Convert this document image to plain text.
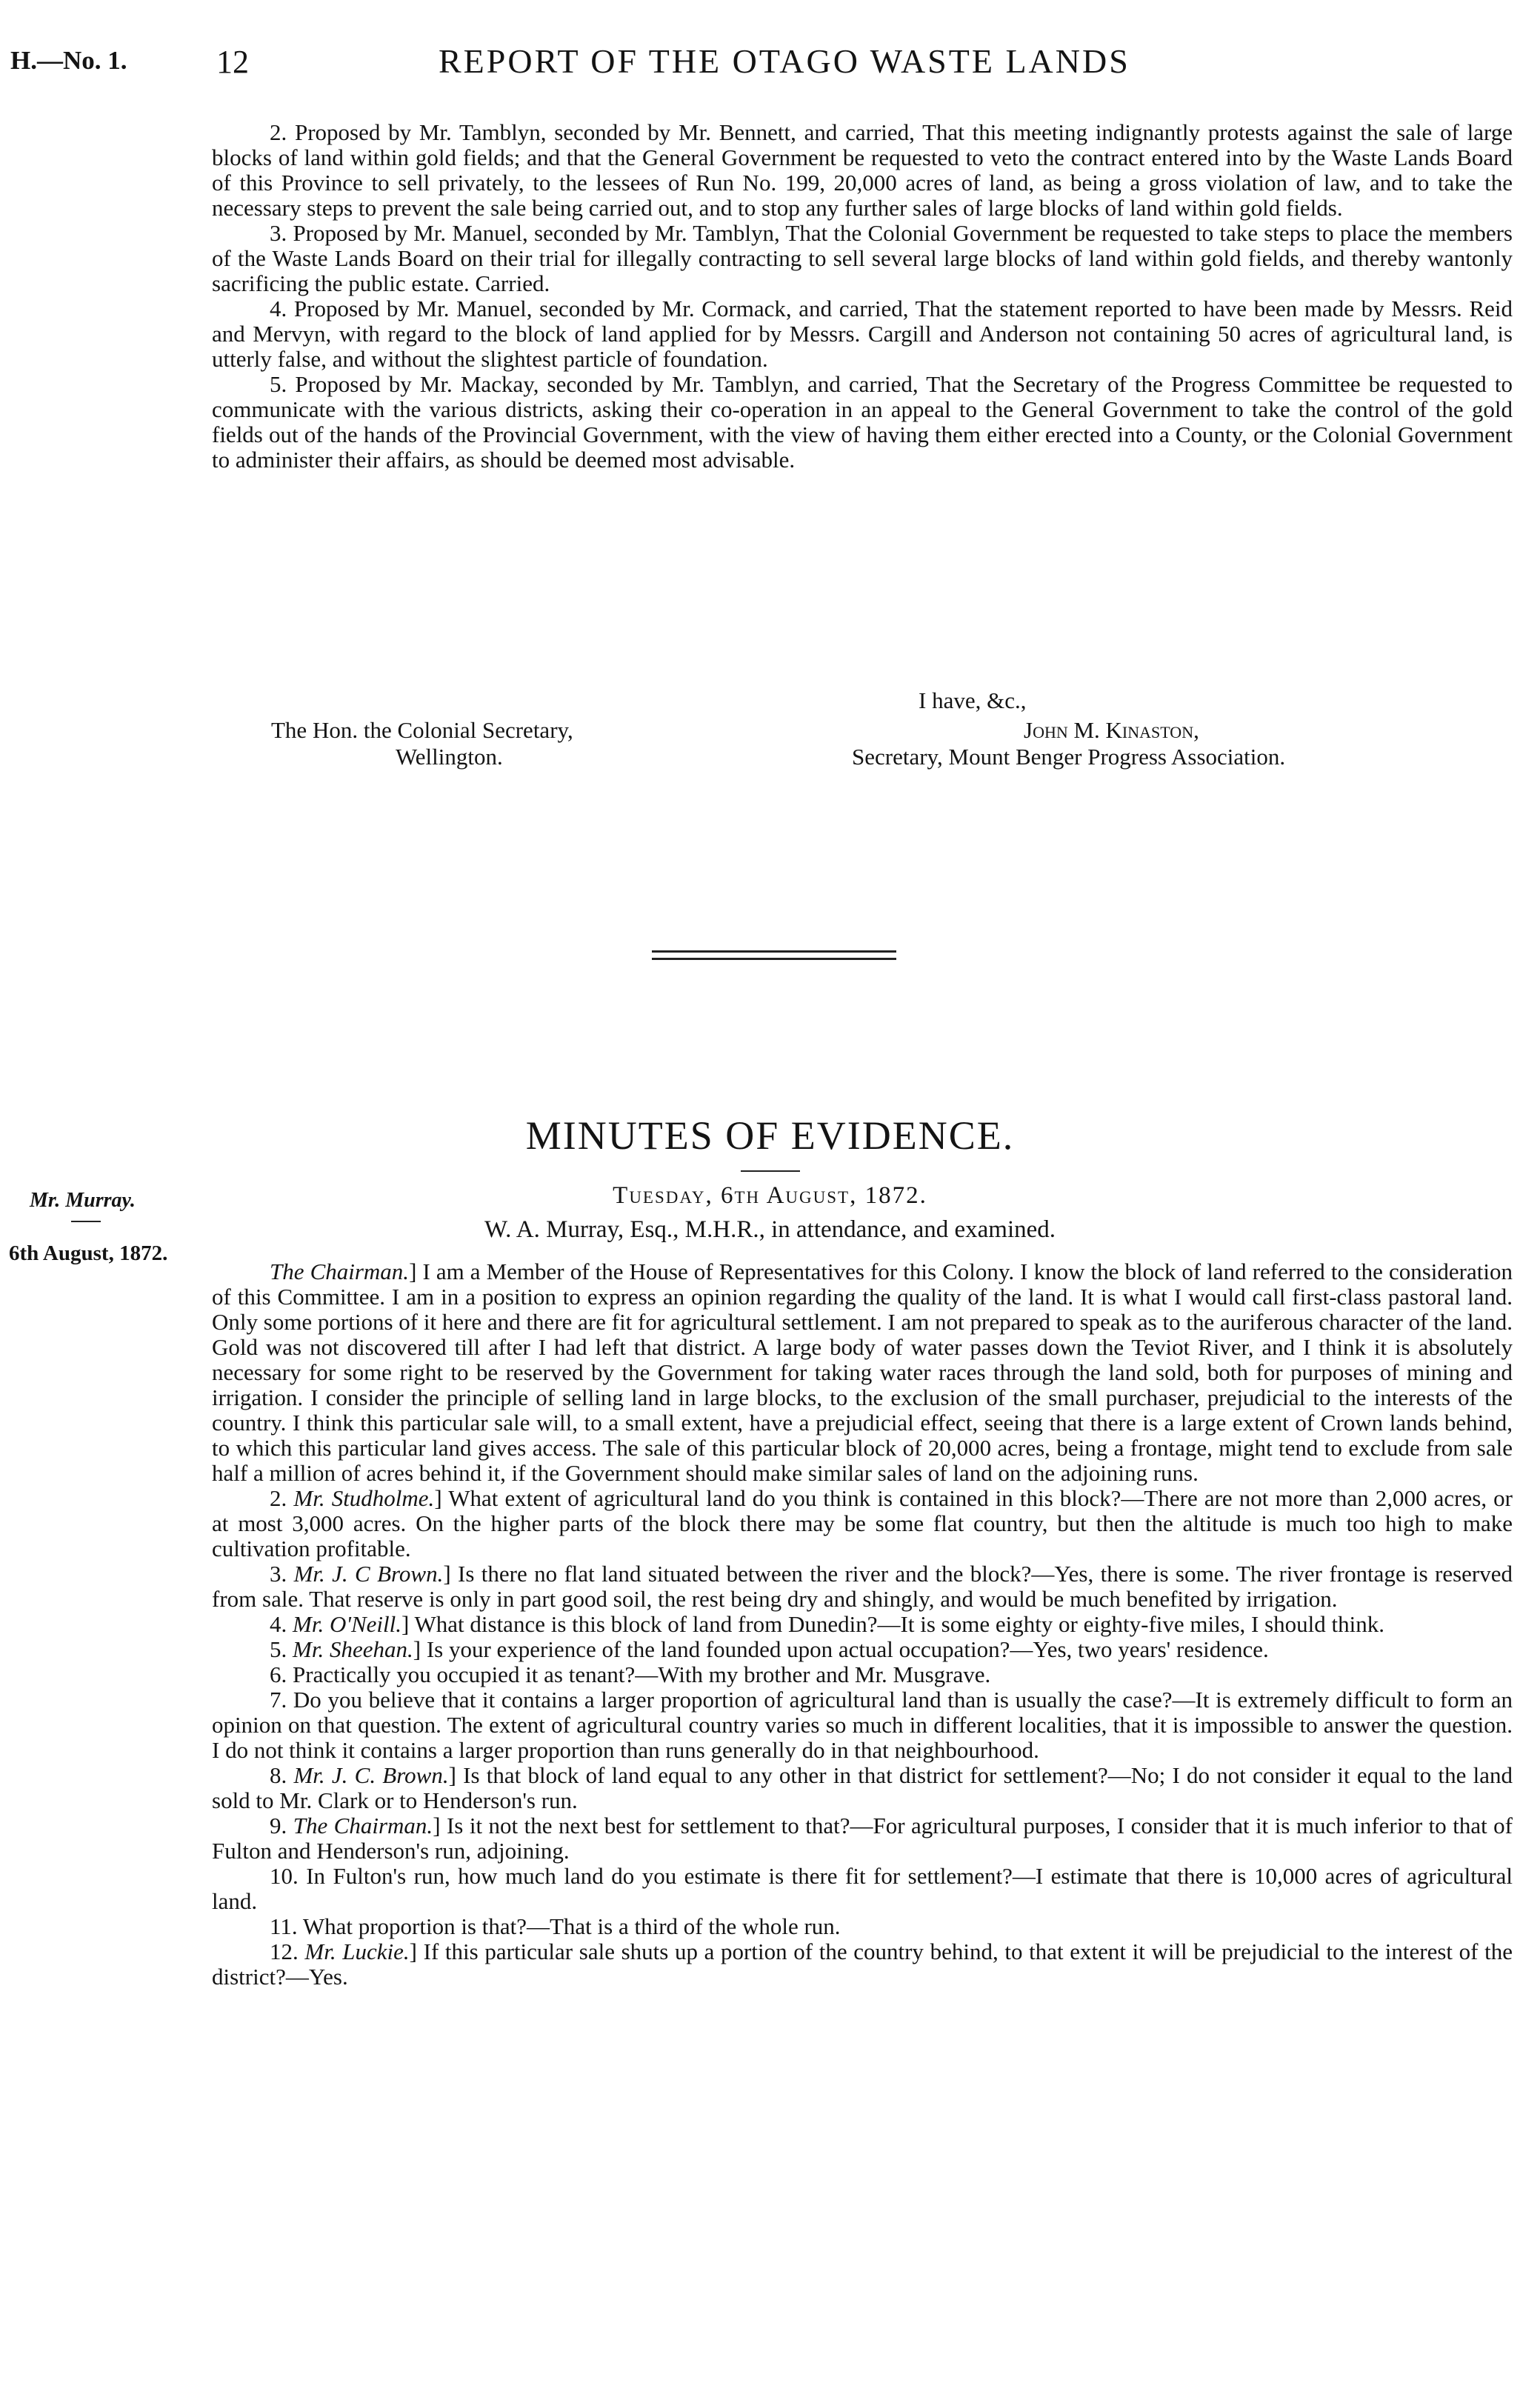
H.—No. 1.	12	REPORT OF THE OTAGO WASTE LANDS

2. Proposed by Mr. Tamblyn, seconded by Mr. Bennett, and carried, That this meeting indignantly protests against the sale of large blocks of land within gold fields; and that the General Government be requested to veto the contract entered into by the Waste Lands Board of this Province to sell privately, to the lessees of Run No. 199, 20,000 acres of land, as being a gross violation of law, and to take the necessary steps to prevent the sale being carried out, and to stop any further sales of large blocks of land within gold fields.

3. Proposed by Mr. Manuel, seconded by Mr. Tamblyn, That the Colonial Government be requested to take steps to place the members of the Waste Lands Board on their trial for illegally contracting to sell several large blocks of land within gold fields, and thereby wantonly sacrificing the public estate. Carried.

4. Proposed by Mr. Manuel, seconded by Mr. Cormack, and carried, That the statement reported to have been made by Messrs. Reid and Mervyn, with regard to the block of land applied for by Messrs. Cargill and Anderson not containing 50 acres of agricultural land, is utterly false, and without the slightest particle of foundation.

5. Proposed by Mr. Mackay, seconded by Mr. Tamblyn, and carried, That the Secretary of the Progress Committee be requested to communicate with the various districts, asking their co-operation in an appeal to the General Government to take the control of the gold fields out of the hands of the Provincial Government, with the view of having them either erected into a County, or the Colonial Government to administer their affairs, as should be deemed most advisable.

I have, &c.,
The Hon. the Colonial Secretary,
Wellington.
John M. Kinaston,
Secretary, Mount Benger Progress Association.
MINUTES OF EVIDENCE.
Tuesday, 6th August, 1872.
W. A. Murray, Esq., M.H.R., in attendance, and examined.
Mr. Murray.
6th August, 1872.

The Chairman.] I am a Member of the House of Representatives for this Colony. I know the block of land referred to the consideration of this Committee. I am in a position to express an opinion regarding the quality of the land. It is what I would call first-class pastoral land. Only some portions of it here and there are fit for agricultural settlement. I am not prepared to speak as to the auriferous character of the land. Gold was not discovered till after I had left that district. A large body of water passes down the Teviot River, and I think it is absolutely necessary for some right to be reserved by the Government for taking water races through the land sold, both for purposes of mining and irrigation. I consider the principle of selling land in large blocks, to the exclusion of the small purchaser, prejudicial to the interests of the country. I think this particular sale will, to a small extent, have a prejudicial effect, seeing that there is a large extent of Crown lands behind, to which this particular land gives access. The sale of this particular block of 20,000 acres, being a frontage, might tend to exclude from sale half a million of acres behind it, if the Government should make similar sales of land on the adjoining runs.

2. Mr. Studholme.] What extent of agricultural land do you think is contained in this block?—There are not more than 2,000 acres, or at most 3,000 acres. On the higher parts of the block there may be some flat country, but then the altitude is much too high to make cultivation profitable.

3. Mr. J. C Brown.] Is there no flat land situated between the river and the block?—Yes, there is some. The river frontage is reserved from sale. That reserve is only in part good soil, the rest being dry and shingly, and would be much benefited by irrigation.

4. Mr. O'Neill.] What distance is this block of land from Dunedin?—It is some eighty or eighty-five miles, I should think.

5. Mr. Sheehan.] Is your experience of the land founded upon actual occupation?—Yes, two years' residence.

6. Practically you occupied it as tenant?—With my brother and Mr. Musgrave.

7. Do you believe that it contains a larger proportion of agricultural land than is usually the case?—It is extremely difficult to form an opinion on that question. The extent of agricultural country varies so much in different localities, that it is impossible to answer the question. I do not think it contains a larger proportion than runs generally do in that neighbourhood.

8. Mr. J. C. Brown.] Is that block of land equal to any other in that district for settlement?—No; I do not consider it equal to the land sold to Mr. Clark or to Henderson's run.

9. The Chairman.] Is it not the next best for settlement to that?—For agricultural purposes, I consider that it is much inferior to that of Fulton and Henderson's run, adjoining.

10. In Fulton's run, how much land do you estimate is there fit for settlement?—I estimate that there is 10,000 acres of agricultural land.

11. What proportion is that?—That is a third of the whole run.

12. Mr. Luckie.] If this particular sale shuts up a portion of the country behind, to that extent it will be prejudicial to the interest of the district?—Yes.
